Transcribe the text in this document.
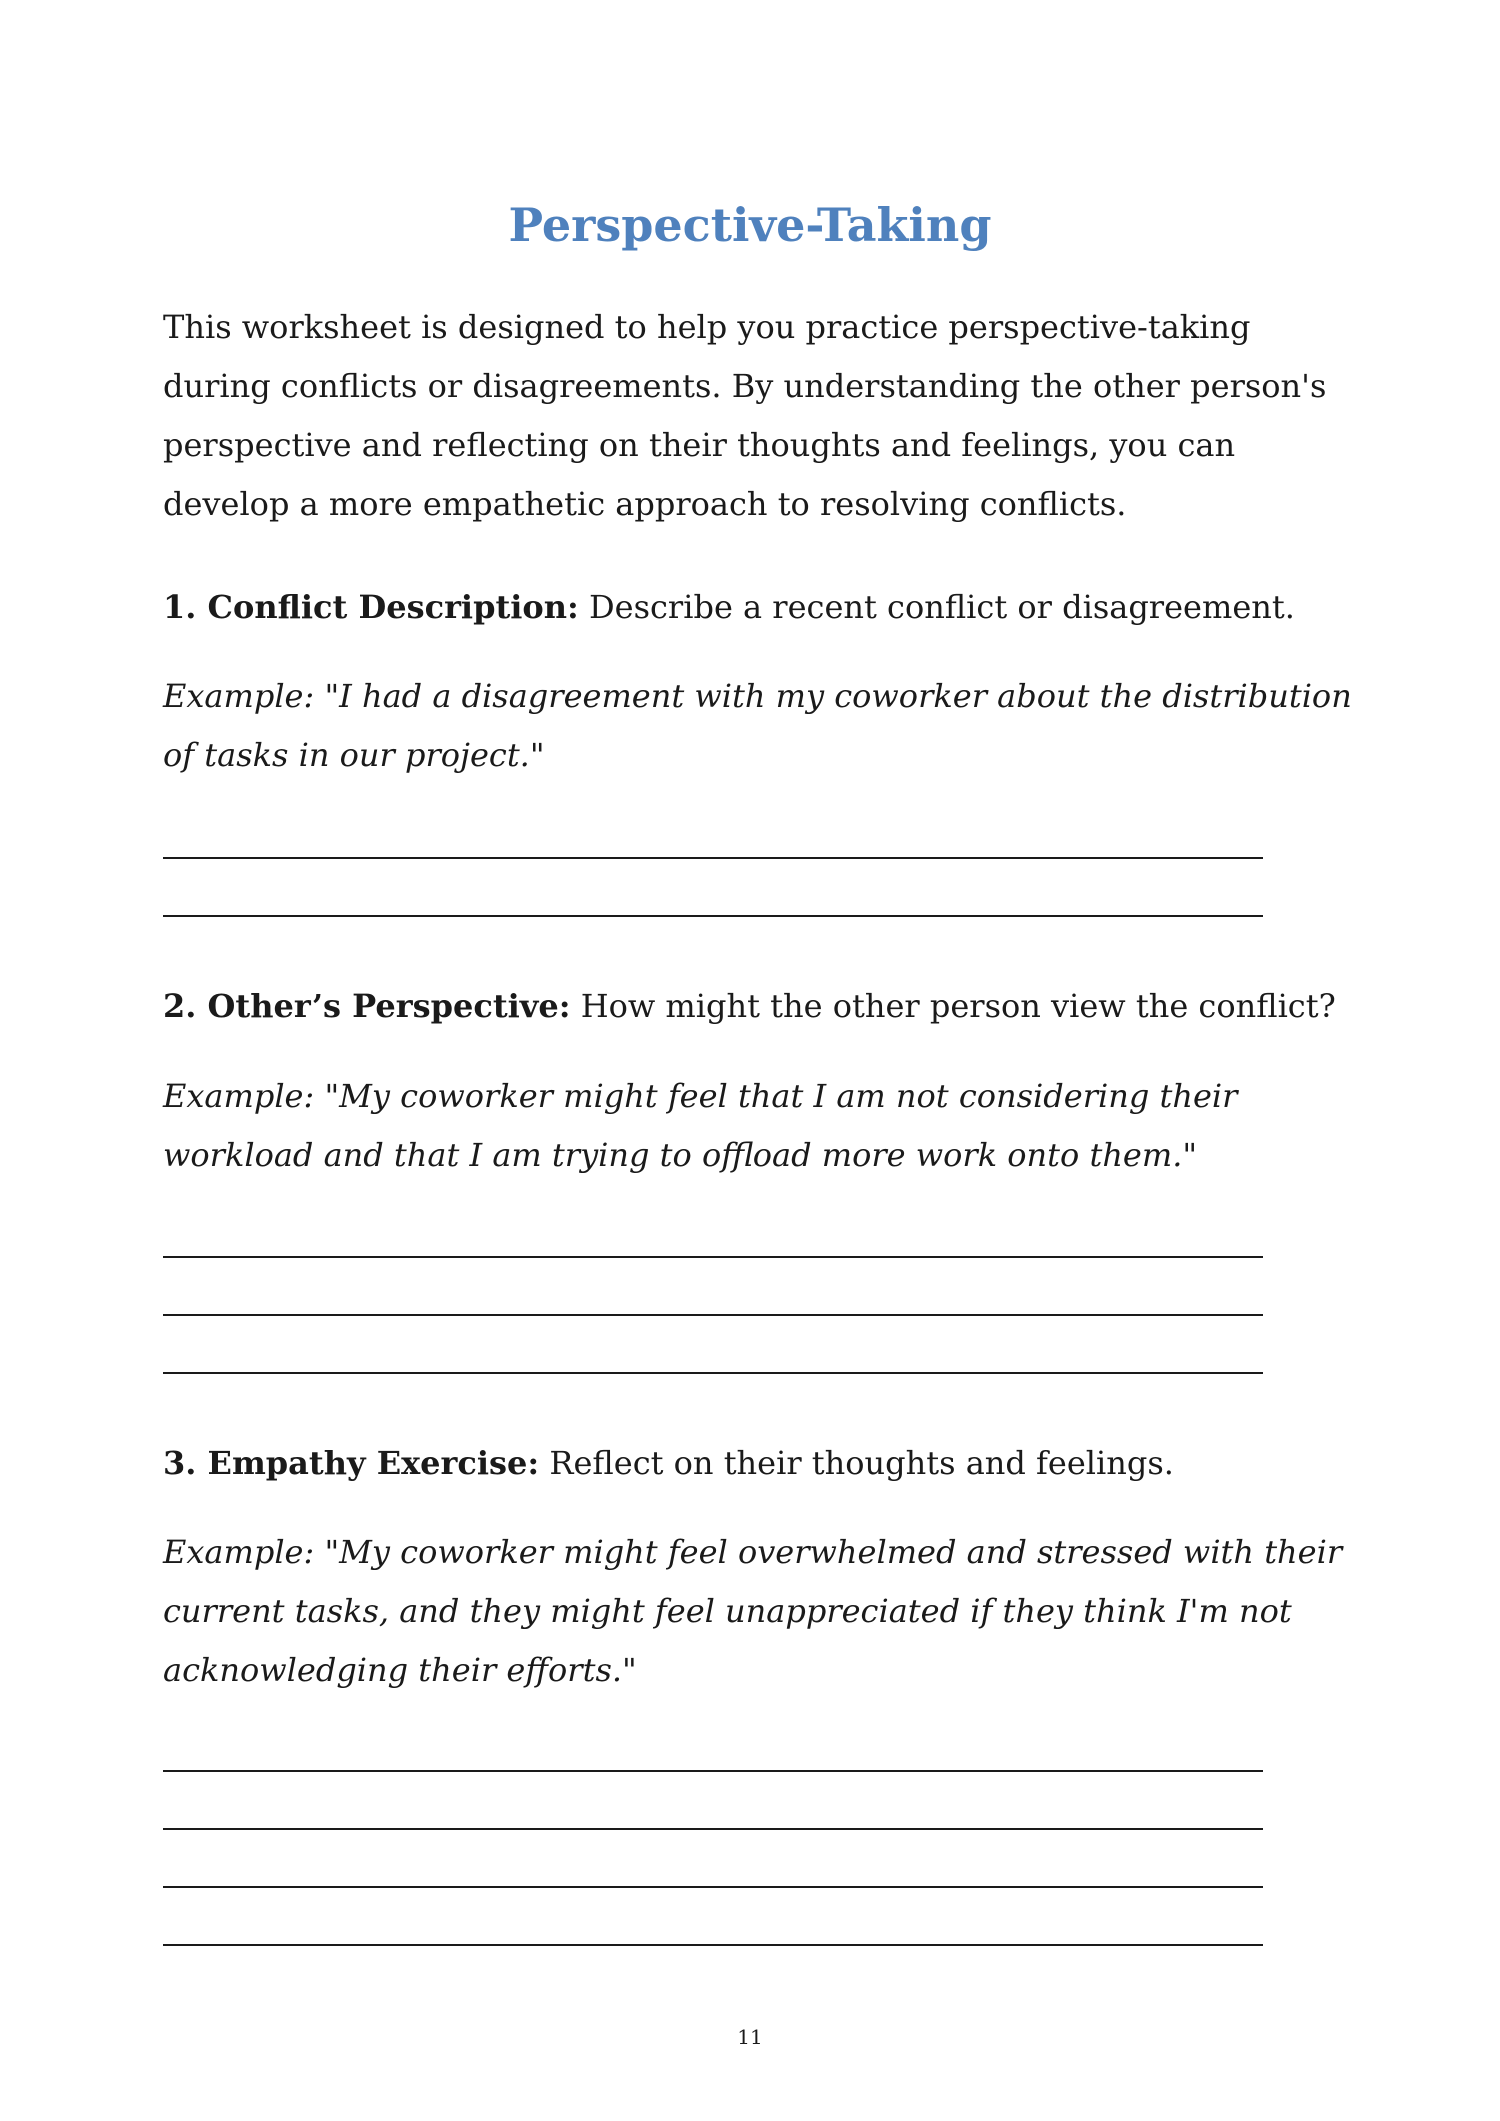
Perspective-Taking

This worksheet is designed to help you practice perspective-taking during conflicts or disagreements. By understanding the other person's perspective and reflecting on their thoughts and feelings, you can develop a more empathetic approach to resolving conflicts.

1. Conflict Description: Describe a recent conflict or disagreement.

Example: "I had a disagreement with my coworker about the distribution of tasks in our project."

2. Other’s Perspective: How might the other person view the conflict?

Example: "My coworker might feel that I am not considering their workload and that I am trying to offload more work onto them."

3. Empathy Exercise: Reflect on their thoughts and feelings.

Example: "My coworker might feel overwhelmed and stressed with their current tasks, and they might feel unappreciated if they think I'm not acknowledging their efforts."

11
